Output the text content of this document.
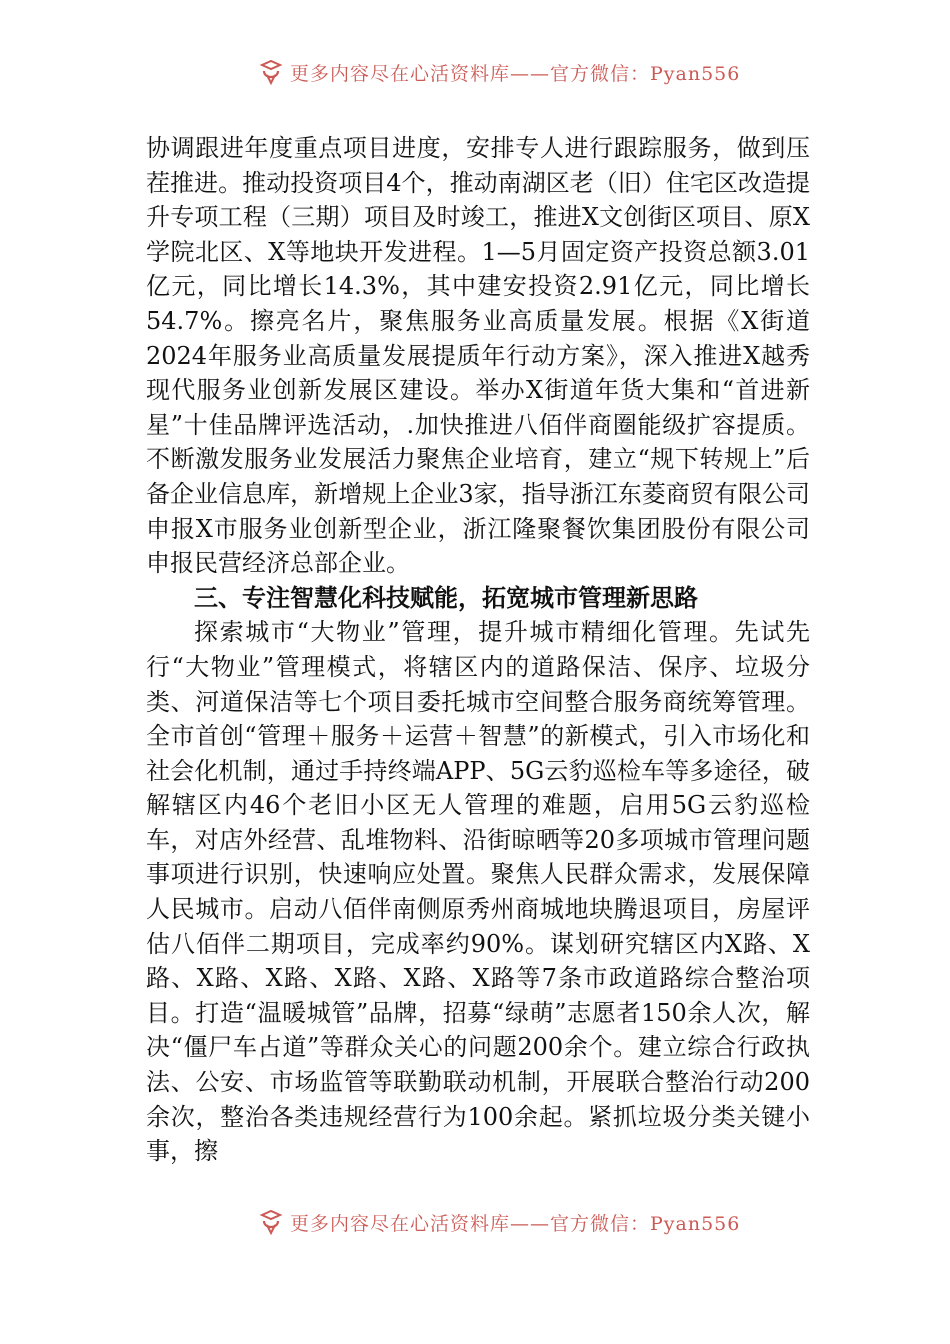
更多内容尽在心活资料库——官方微信：Pyan556

协调跟进年度重点项目进度，安排专人进行跟踪服务，做到压茬推进。推动投资项目4个，推动南湖区老（旧）住宅区改造提升专项工程（三期）项目及时竣工，推进X文创街区项目、原X学院北区、X等地块开发进程。1—5月固定资产投资总额3.01亿元，同比增长14.3%，其中建安投资2.91亿元，同比增长54.7%。擦亮名片，聚焦服务业高质量发展。根据《X街道2024年服务业高质量发展提质年行动方案》，深入推进X越秀现代服务业创新发展区建设。举办X街道年货大集和“首进新星”十佳品牌评选活动，.加快推进八佰伴商圈能级扩容提质。不断激发服务业发展活力聚焦企业培育，建立“规下转规上”后备企业信息库，新增规上企业3家，指导浙江东菱商贸有限公司申报X市服务业创新型企业，浙江隆聚餐饮集团股份有限公司申报民营经济总部企业。

三、专注智慧化科技赋能，拓宽城市管理新思路

探索城市“大物业”管理，提升城市精细化管理。先试先行“大物业”管理模式，将辖区内的道路保洁、保序、垃圾分类、河道保洁等七个项目委托城市空间整合服务商统筹管理。全市首创“管理＋服务＋运营＋智慧”的新模式，引入市场化和社会化机制，通过手持终端APP、5G云豹巡检车等多途径，破解辖区内46个老旧小区无人管理的难题，启用5G云豹巡检车，对店外经营、乱堆物料、沿街晾晒等20多项城市管理问题事项进行识别，快速响应处置。聚焦人民群众需求，发展保障人民城市。启动八佰伴南侧原秀州商城地块腾退项目，房屋评估八佰伴二期项目，完成率约90%。谋划研究辖区内X路、X路、X路、X路、X路、X路、X路等7条市政道路综合整治项目。打造“温暖城管”品牌，招募“绿萌”志愿者150余人次，解决“僵尸车占道”等群众关心的问题200余个。建立综合行政执法、公安、市场监管等联勤联动机制，开展联合整治行动200余次，整治各类违规经营行为100余起。紧抓垃圾分类关键小事，擦

更多内容尽在心活资料库——官方微信：Pyan556
